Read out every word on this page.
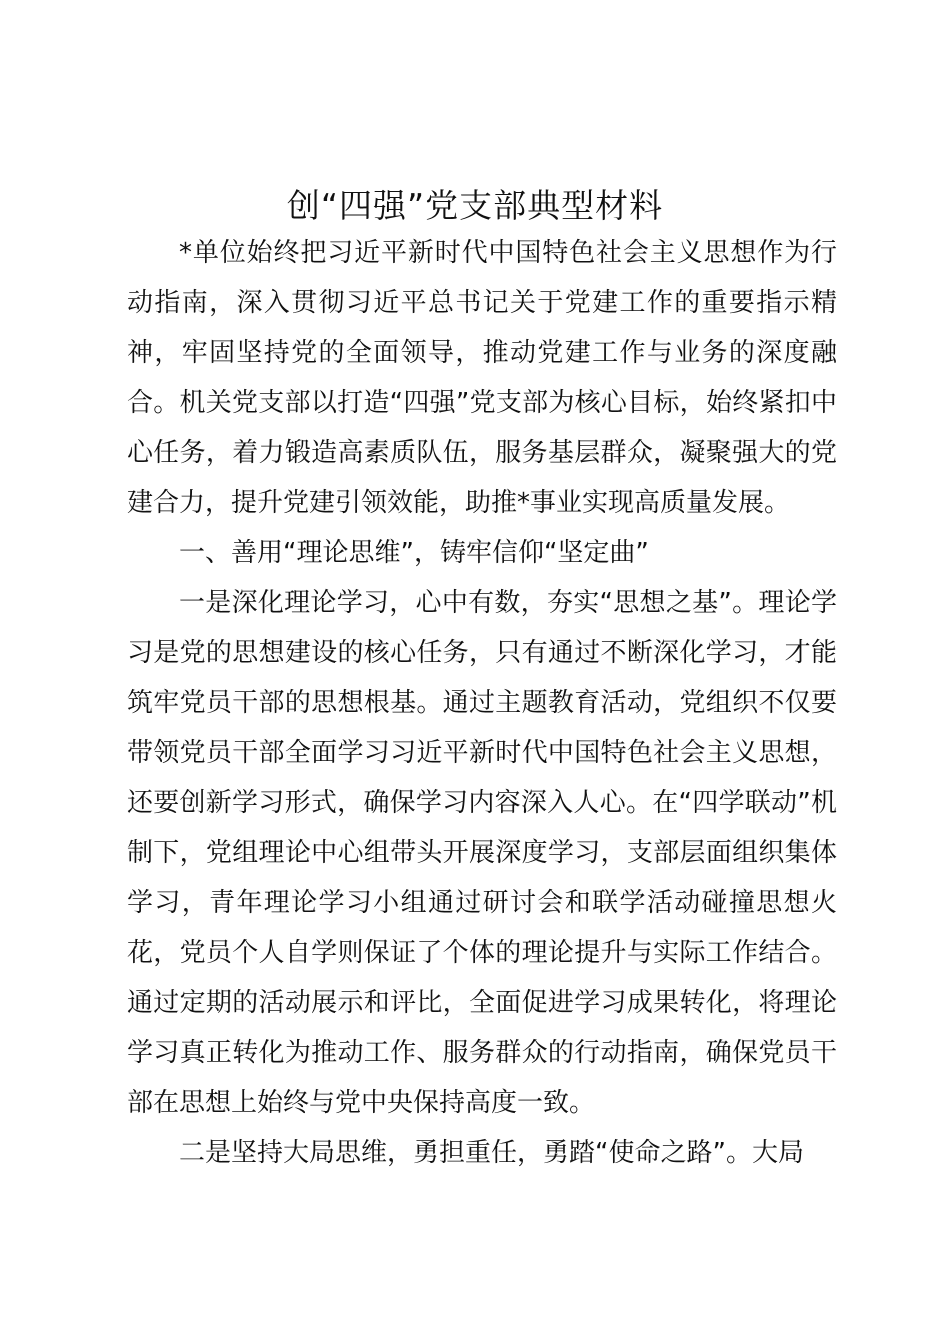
创“四强”党支部典型材料

*单位始终把习近平新时代中国特色社会主义思想作为行动指南，深入贯彻习近平总书记关于党建工作的重要指示精神，牢固坚持党的全面领导，推动党建工作与业务的深度融合。机关党支部以打造“四强”党支部为核心目标，始终紧扣中心任务，着力锻造高素质队伍，服务基层群众，凝聚强大的党建合力，提升党建引领效能，助推*事业实现高质量发展。

一、善用“理论思维”，铸牢信仰“坚定曲”

一是深化理论学习，心中有数，夯实“思想之基”。理论学习是党的思想建设的核心任务，只有通过不断深化学习，才能筑牢党员干部的思想根基。通过主题教育活动，党组织不仅要带领党员干部全面学习习近平新时代中国特色社会主义思想，还要创新学习形式，确保学习内容深入人心。在“四学联动”机制下，党组理论中心组带头开展深度学习，支部层面组织集体学习，青年理论学习小组通过研讨会和联学活动碰撞思想火花，党员个人自学则保证了个体的理论提升与实际工作结合。通过定期的活动展示和评比，全面促进学习成果转化，将理论学习真正转化为推动工作、服务群众的行动指南，确保党员干部在思想上始终与党中央保持高度一致。

二是坚持大局思维，勇担重任，勇踏“使命之路”。大局
